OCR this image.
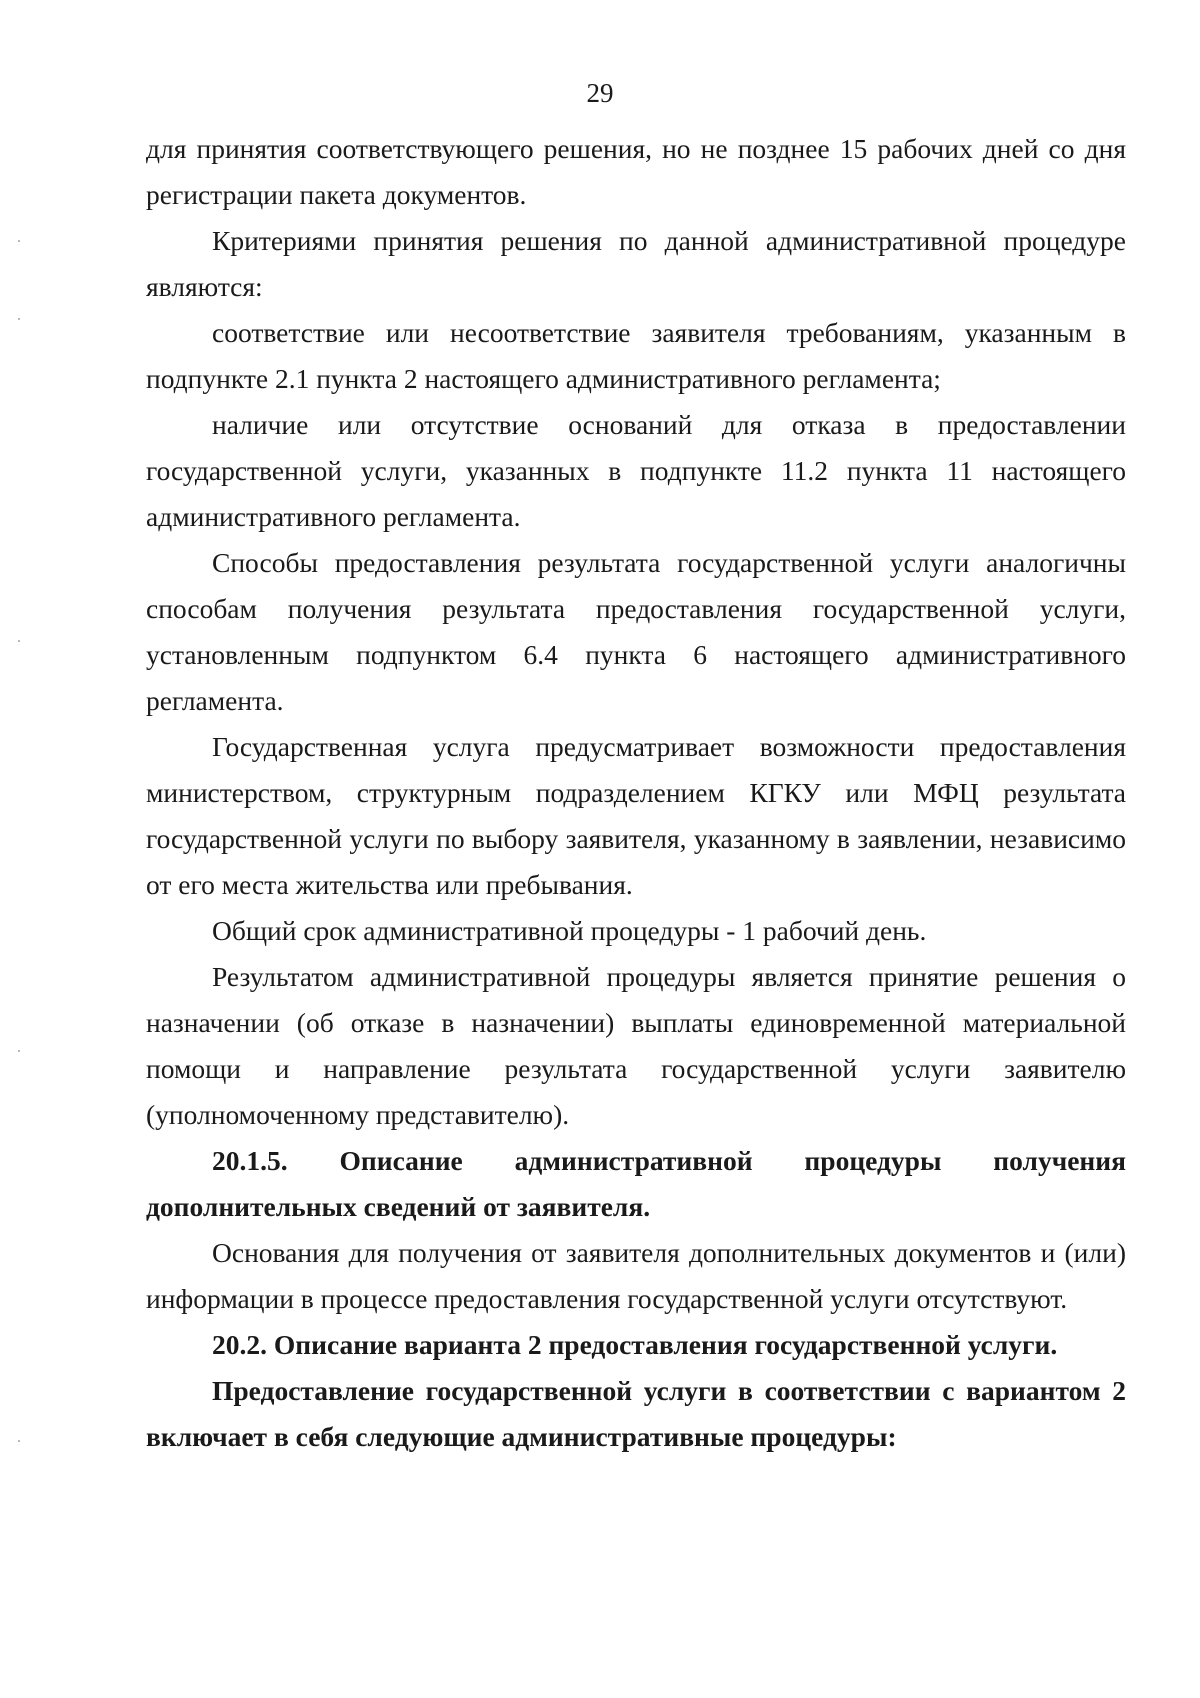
29

для принятия соответствующего решения, но не позднее 15 рабочих дней со дня регистрации пакета документов.

Критериями принятия решения по данной административной процедуре являются:

соответствие или несоответствие заявителя требованиям, указанным в подпункте 2.1 пункта 2 настоящего административного регламента;

наличие или отсутствие оснований для отказа в предоставлении государственной услуги, указанных в подпункте 11.2 пункта 11 настоящего административного регламента.

Способы предоставления результата государственной услуги аналогичны способам получения результата предоставления государственной услуги, установленным подпунктом 6.4 пункта 6 настоящего административного регламента.

Государственная услуга предусматривает возможности предоставления министерством, структурным подразделением КГКУ или МФЦ результата государственной услуги по выбору заявителя, указанному в заявлении, независимо от его места жительства или пребывания.

Общий срок административной процедуры - 1 рабочий день.

Результатом административной процедуры является принятие решения о назначении (об отказе в назначении) выплаты единовременной материальной помощи и направление результата государственной услуги заявителю (уполномоченному представителю).

20.1.5. Описание административной процедуры получения дополнительных сведений от заявителя.

Основания для получения от заявителя дополнительных документов и (или) информации в процессе предоставления государственной услуги отсутствуют.

20.2. Описание варианта 2 предоставления государственной услуги.

Предоставление государственной услуги в соответствии с вариантом 2 включает в себя следующие административные процедуры:
